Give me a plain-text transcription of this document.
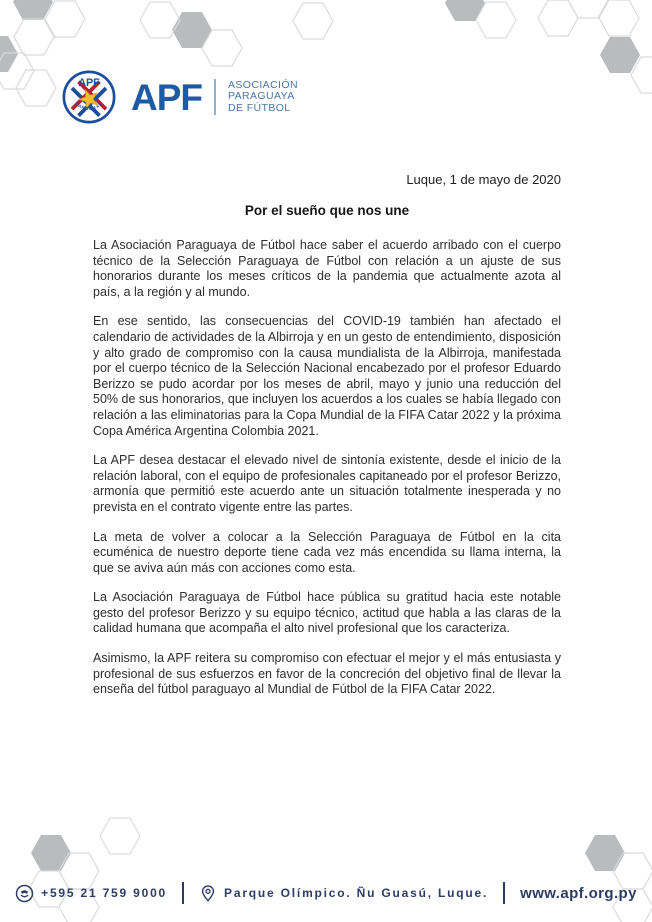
APF
PARAGUAY APF ASOCIACIÓN
PARAGUAYA
DE FÚTBOL

Luque, 1 de mayo de 2020

Por el sueño que nos une

La Asociación Paraguaya de Fútbol hace saber el acuerdo arribado con el cuerpo técnico de la Selección Paraguaya de Fútbol con relación a un ajuste de sus honorarios durante los meses críticos de la pandemia que actualmente azota al país, a la región y al mundo.

En ese sentido, las consecuencias del COVID-19 también han afectado el calendario de actividades de la Albirroja y en un gesto de entendimiento, disposición y alto grado de compromiso con la causa mundialista de la Albirroja, manifestada por el cuerpo técnico de la Selección Nacional encabezado por el profesor Eduardo Berizzo se pudo acordar por los meses de abril, mayo y junio una reducción del 50% de sus honorarios, que incluyen los acuerdos a los cuales se había llegado con relación a las eliminatorias para la Copa Mundial de la FIFA Catar 2022 y la próxima Copa América Argentina Colombia 2021.

La APF desea destacar el elevado nivel de sintonía existente, desde el inicio de la relación laboral, con el equipo de profesionales capitaneado por el profesor Berizzo, armonía que permitió este acuerdo ante un situación totalmente inesperada y no prevista en el contrato vigente entre las partes.

La meta de volver a colocar a la Selección Paraguaya de Fútbol en la cita ecuménica de nuestro deporte tiene cada vez más encendida su llama interna, la que se aviva aún más con acciones como esta.

La Asociación Paraguaya de Fútbol hace pública su gratitud hacia este notable gesto del profesor Berizzo y su equipo técnico, actitud que habla a las claras de la calidad humana que acompaña el alto nivel profesional que los caracteriza.

Asimismo, la APF reitera su compromiso con efectuar el mejor y el más entusiasta y profesional de sus esfuerzos en favor de la concreción del objetivo final de llevar la enseña del fútbol paraguayo al Mundial de Fútbol de la FIFA Catar 2022.

+595 21 759 9000	Parque Olímpico. Ñu Guasú, Luque. www.apf.org.py
